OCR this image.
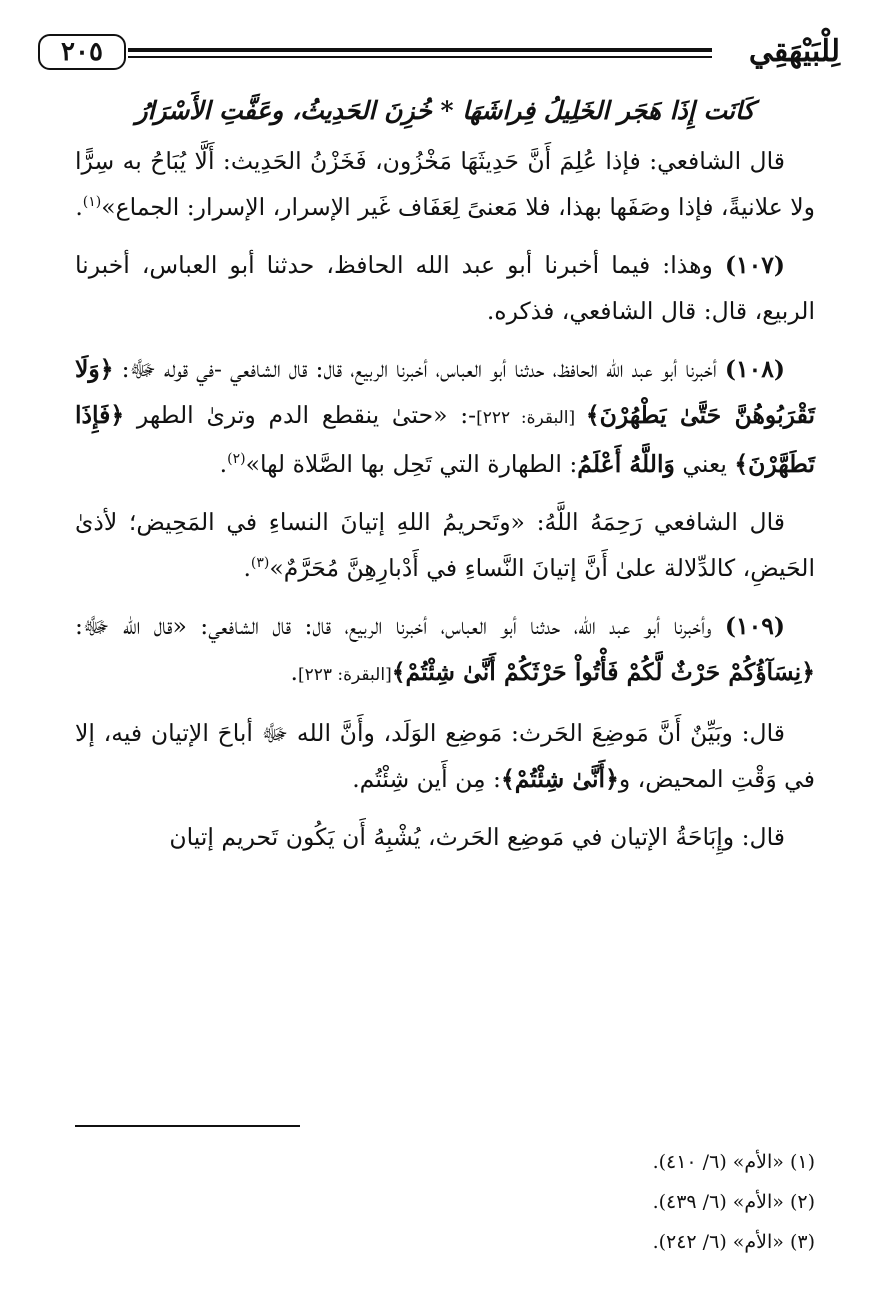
٢٠٥	لِلْبَيْهَقِي

كَانَت إِذَا هَجَر الخَلِيلُ فِراشَهَا * خُزِنَ الحَدِيثُ، وعَفَّتِ الأَسْرَارُ

قال الشافعي: فإذا عُلِمَ أَنَّ حَدِيثَهَا مَخْزُون، فَخَزْنُ الحَدِيث: أَلَّا يُبَاحُ به سِرًّا ولا علانيةً، فإذا وصَفَها بهذا، فلا مَعنىً لِعَفَاف غَير الإسرار، الإسرار: الجماع»$^{(١)}$.

(١٠٧) وهذا: فيما أخبرنا أبو عبد الله الحافظ، حدثنا أبو العباس، أخبرنا الربيع، قال: قال الشافعي، فذكره.

(١٠٨) أخبرنا أبو عبد الله الحافظ، حدثنا أبو العباس، أخبرنا الربيع، قال: قال الشافعي -في قوله ﷻ: ﴿وَلَا تَقْرَبُوهُنَّ حَتَّىٰ يَطْهُرْنَ﴾ [البقرة: ٢٢٢]-: «حتىٰ ينقطع الدم وترىٰ الطهر ﴿فَإِذَا تَطَهَّرْنَ﴾ يعني وَاللَّهُ أَعْلَمُ: الطهارة التي تَحِل بها الصَّلاة لها»$^{(٢)}$.

قال الشافعي رَحِمَهُ اللَّهُ: «وتَحريمُ اللهِ إتيانَ النساءِ في المَحِيض؛ لأذىٰ الحَيضِ، كالدِّلالة علىٰ أَنَّ إتيانَ النَّساءِ في أَدْبارِهِنَّ مُحَرَّمٌ»$^{(٣)}$.

(١٠٩) وأخبرنا أبو عبد الله، حدثنا أبو العباس، أخبرنا الربيع، قال: قال الشافعي: «قال الله ﷻ: ﴿نِسَآؤُكُمْ حَرْثٌ لَّكُمْ فَأْتُواْ حَرْثَكُمْ أَنَّىٰ شِئْتُمْ﴾[البقرة: ٢٢٣].

قال: وبَيِّنٌ أَنَّ مَوضِعَ الحَرث: مَوضِع الوَلَد، وأَنَّ الله ﷻ أباحَ الإتيان فيه، إلا في وَقْتِ المحيض، و﴿أَنَّىٰ شِئْتُمْ﴾: مِن أَين شِئْتُم.

قال: وإِبَاحَةُ الإتيان في مَوضِع الحَرث، يُشْبِهُ أَن يَكُون تَحريم إتيان

(١) «الأم» (٦/ ٤١٠).

(٢) «الأم» (٦/ ٤٣٩).

(٣) «الأم» (٦/ ٢٤٢).
